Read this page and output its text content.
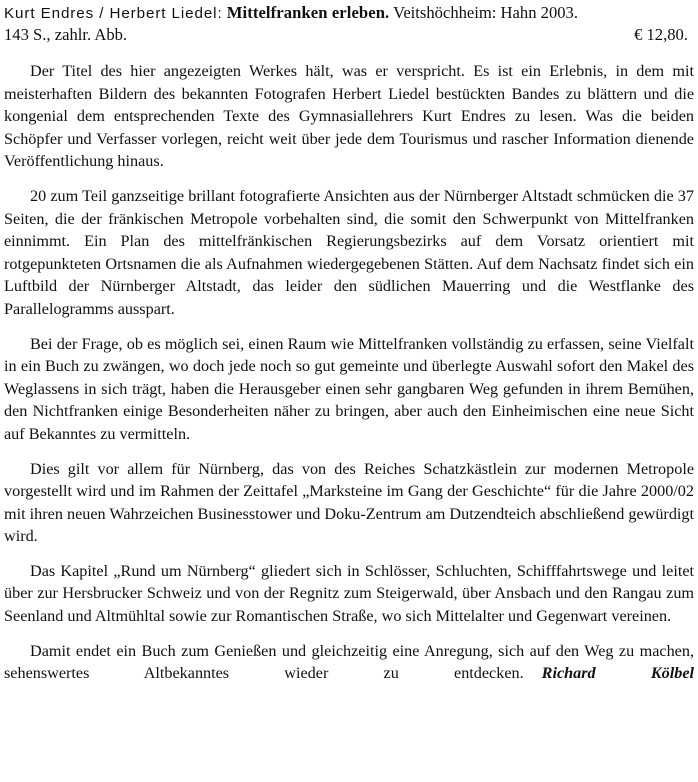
Kurt Endres / Herbert Liedel: Mittelfranken erleben. Veitshöchheim: Hahn 2003.
143 S., zahlr. Abb.	€ 12,80.

Der Titel des hier angezeigten Werkes hält, was er verspricht. Es ist ein Erlebnis, in dem mit meisterhaften Bildern des bekannten Fotografen Herbert Liedel bestückten Bandes zu blättern und die kongenial dem entsprechenden Texte des Gymnasiallehrers Kurt Endres zu lesen. Was die beiden Schöpfer und Verfasser vorlegen, reicht weit über jede dem Tourismus und rascher Information dienende Veröffentlichung hinaus.

20 zum Teil ganzseitige brillant fotografierte Ansichten aus der Nürnberger Altstadt schmücken die 37 Seiten, die der fränkischen Metropole vorbehalten sind, die somit den Schwerpunkt von Mittelfranken einnimmt. Ein Plan des mittelfränkischen Regierungsbezirks auf dem Vorsatz orientiert mit rotgepunkteten Ortsnamen die als Aufnahmen wiedergegebenen Stätten. Auf dem Nachsatz findet sich ein Luftbild der Nürnberger Altstadt, das leider den südlichen Mauerring und die Westflanke des Parallelogramms ausspart.

Bei der Frage, ob es möglich sei, einen Raum wie Mittelfranken vollständig zu erfassen, seine Vielfalt in ein Buch zu zwängen, wo doch jede noch so gut gemeinte und überlegte Auswahl sofort den Makel des Weglassens in sich trägt, haben die Herausgeber einen sehr gangbaren Weg gefunden in ihrem Bemühen, den Nichtfranken einige Besonderheiten näher zu bringen, aber auch den Einheimischen eine neue Sicht auf Bekanntes zu vermitteln.

Dies gilt vor allem für Nürnberg, das von des Reiches Schatzkästlein zur modernen Metropole vorgestellt wird und im Rahmen der Zeittafel „Marksteine im Gang der Geschichte“ für die Jahre 2000/02 mit ihren neuen Wahrzeichen Businesstower und Doku-Zentrum am Dutzendteich abschließend gewürdigt wird.

Das Kapitel „Rund um Nürnberg“ gliedert sich in Schlösser, Schluchten, Schifffahrtswege und leitet über zur Hersbrucker Schweiz und von der Regnitz zum Steigerwald, über Ansbach und den Rangau zum Seenland und Altmühltal sowie zur Romantischen Straße, wo sich Mittelalter und Gegenwart vereinen.

Damit endet ein Buch zum Genießen und gleichzeitig eine Anregung, sich auf den Weg zu machen, sehenswertes Altbekanntes wieder zu entdecken. Richard Kölbel
